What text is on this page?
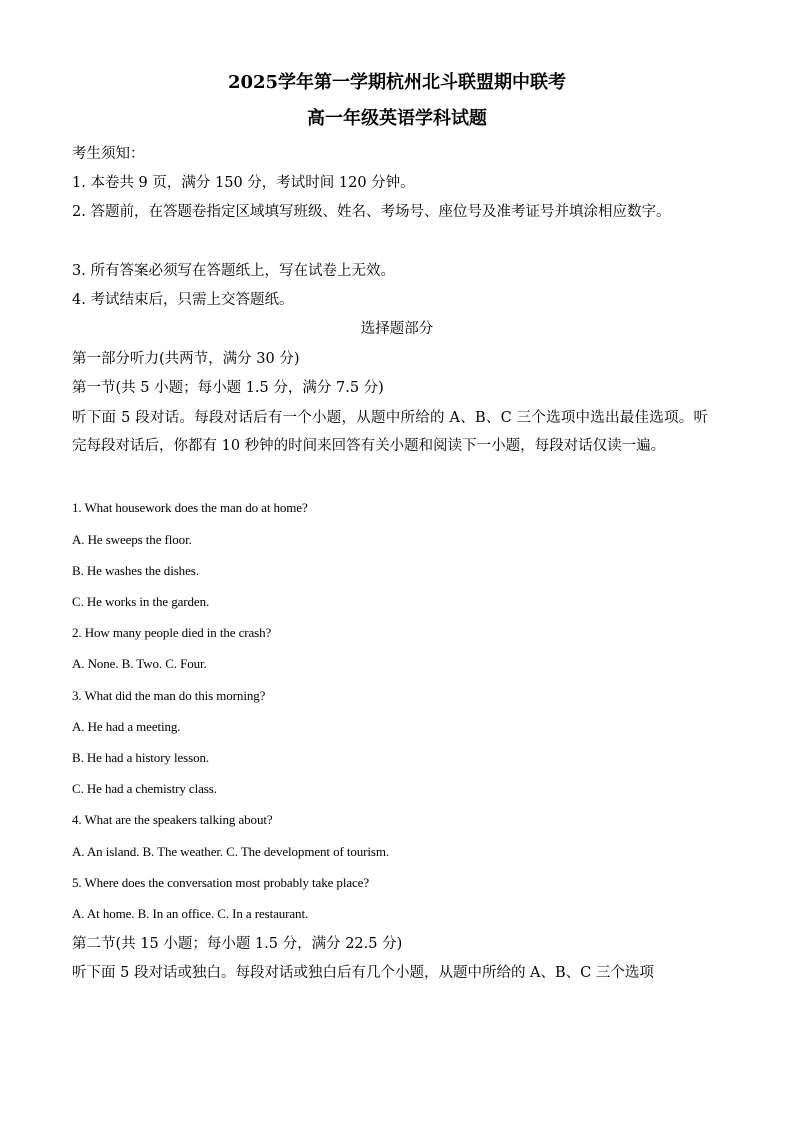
2025学年第一学期杭州北斗联盟期中联考
高一年级英语学科试题
考生须知：
1. 本卷共 9 页，满分 150 分，考试时间 120 分钟。
2. 答题前，在答题卷指定区域填写班级、姓名、考场号、座位号及准考证号并填涂相应数字。
3. 所有答案必须写在答题纸上，写在试卷上无效。
4. 考试结束后，只需上交答题纸。
选择题部分
第一部分听力(共两节，满分 30 分)
第一节(共 5 小题；每小题 1.5 分，满分 7.5 分)
听下面 5 段对话。每段对话后有一个小题，从题中所给的 A、B、C 三个选项中选出最佳选项。听完每段对话后，你都有 10 秒钟的时间来回答有关小题和阅读下一小题，每段对话仅读一遍。
1. What housework does the man do at home?
A. He sweeps the floor.
B. He washes the dishes.
C. He works in the garden.
2. How many people died in the crash?
A. None. B. Two. C. Four.
3. What did the man do this morning?
A. He had a meeting.
B. He had a history lesson.
C. He had a chemistry class.
4. What are the speakers talking about?
A. An island. B. The weather. C. The development of tourism.
5. Where does the conversation most probably take place?
A. At home. B. In an office. C. In a restaurant.
第二节(共 15 小题；每小题 1.5 分，满分 22.5 分)
听下面 5 段对话或独白。每段对话或独白后有几个小题，从题中所给的 A、B、C 三个选项
